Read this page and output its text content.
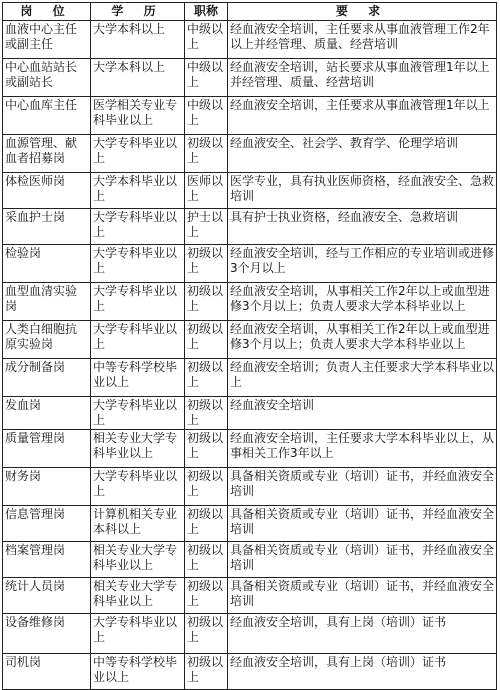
岗 位	学 历	职称	要 求
血液中心主任或副主任	大学本科以上	中级以上	经血液安全培训，主任要求从事血液管理工作2年以上并经管理、质量、经营培训
中心血站站长或副站长	大学本科以上	中级以上	经血液安全培训，站长要求从事血液管理1年以上并经管理、质量、经营培训
中心血库主任	医学相关专业专科毕业以上	中级以上	经血液安全培训，主任要求从事血液管理1年以上
血源管理、献血者招募岗	大学专科毕业以上	初级以上	经血液安全、社会学、教育学、伦理学培训
体检医师岗	大学本科毕业以上	医师以上	医学专业，具有执业医师资格，经血液安全、急救培训
采血护士岗	大学专科毕业以上	护士以上	具有护士执业资格，经血液安全、急救培训
检验岗	大学专科毕业以上	初级以上	经血液安全培训，经与工作相应的专业培训或进修3个月以上
血型血清实验岗	大学专科毕业以上	初级以上	经血液安全培训，从事相关工作2年以上或血型进修3个月以上；负责人要求大学本科毕业以上
人类白细胞抗原实验岗	大学专科毕业以上	初级以上	经血液安全培训，从事相关工作2年以上或血型进修3个月以上；负责人要求大学本科毕业以上
成分制备岗	中等专科学校毕业以上	初级以上	经血液安全培训；负责人主任要求大学本科毕业以上
发血岗	大学专科毕业以上	初级以上	经血液安全培训
质量管理岗	相关专业大学专科毕业以上	初级以上	经血液安全培训，主任要求大学本科毕业以上，从事相关工作3年以上
财务岗	大学专科毕业以上	初级以上	具备相关资质或专业（培训）证书，并经血液安全培训
信息管理岗	计算机相关专业本科以上	初级以上	具备相关资质或专业（培训）证书，并经血液安全培训
档案管理岗	相关专业大学专科毕业以上	初级以上	具备相关资质或专业（培训）证书，并经血液安全培训
统计人员岗	相关专业大学专科毕业以上	初级以上	具备相关资质或专业（培训）证书，并经血液安全培训
设备维修岗	大学专科毕业以上	初级以上	经血液安全培训，具有上岗（培训）证书
司机岗	中等专科学校毕业以上	初级以上	经血液安全培训，具有上岗（培训）证书
